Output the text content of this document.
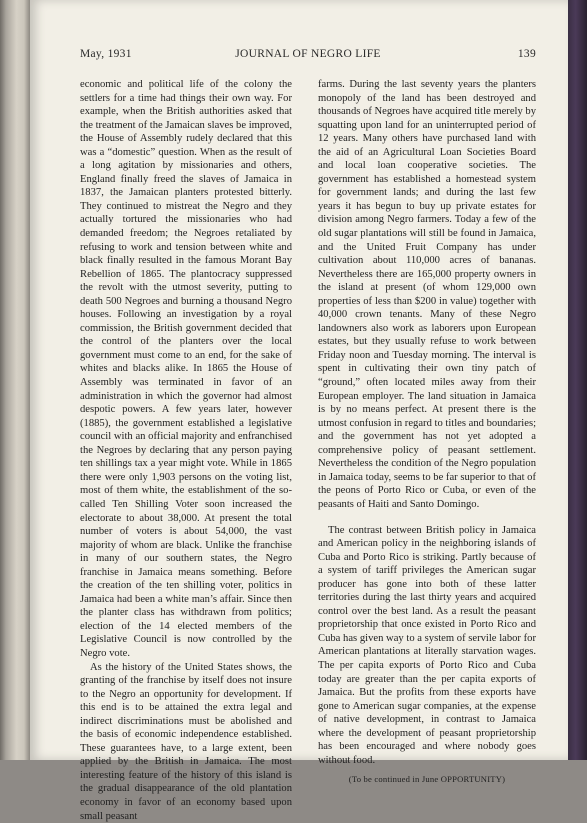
May, 1931	JOURNAL OF NEGRO LIFE	139

economic and political life of the colony the settlers for a time had things their own way. For example, when the British authorities asked that the treatment of the Jamaican slaves be improved, the House of Assembly rudely declared that this was a “domestic” question. When as the result of a long agitation by missionaries and others, England finally freed the slaves of Jamaica in 1837, the Jamaican planters protested bitterly. They continued to mistreat the Negro and they actually tortured the missionaries who had demanded freedom; the Negroes retaliated by refusing to work and tension between white and black finally resulted in the famous Morant Bay Rebellion of 1865. The plantocracy suppressed the revolt with the utmost severity, putting to death 500 Negroes and burning a thousand Negro houses. Following an investigation by a royal commission, the British government decided that the control of the planters over the local government must come to an end, for the sake of whites and blacks alike. In 1865 the House of Assembly was terminated in favor of an administration in which the governor had almost despotic powers. A few years later, however (1885), the government established a legislative council with an official majority and enfranchised the Negroes by declaring that any person paying ten shillings tax a year might vote. While in 1865 there were only 1,903 persons on the voting list, most of them white, the establishment of the so-called Ten Shilling Voter soon increased the electorate to about 38,000. At present the total number of voters is about 54,000, the vast majority of whom are black. Unlike the franchise in many of our southern states, the Negro franchise in Jamaica means something. Before the creation of the ten shilling voter, politics in Jamaica had been a white man’s affair. Since then the planter class has withdrawn from politics; election of the 14 elected members of the Legislative Council is now controlled by the Negro vote.

As the history of the United States shows, the granting of the franchise by itself does not insure to the Negro an opportunity for development. If this end is to be attained the extra legal and indirect discriminations must be abolished and the basis of economic independence established. These guarantees have, to a large extent, been applied by the British in Jamaica. The most interesting feature of the history of this island is the gradual disappearance of the old plantation economy in favor of an economy based upon small peasant

farms. During the last seventy years the planters monopoly of the land has been destroyed and thousands of Negroes have acquired title merely by squatting upon land for an uninterrupted period of 12 years. Many others have purchased land with the aid of an Agricultural Loan Societies Board and local loan cooperative societies. The government has established a homestead system for government lands; and during the last few years it has begun to buy up private estates for division among Negro farmers. Today a few of the old sugar plantations will still be found in Jamaica, and the United Fruit Company has under cultivation about 110,000 acres of bananas. Nevertheless there are 165,000 property owners in the island at present (of whom 129,000 own properties of less than $200 in value) together with 40,000 crown tenants. Many of these Negro landowners also work as laborers upon European estates, but they usually refuse to work between Friday noon and Tuesday morning. The interval is spent in cultivating their own tiny patch of “ground,” often located miles away from their European employer. The land situation in Jamaica is by no means perfect. At present there is the utmost confusion in regard to titles and boundaries; and the government has not yet adopted a comprehensive policy of peasant settlement. Nevertheless the condition of the Negro population in Jamaica today, seems to be far superior to that of the peons of Porto Rico or Cuba, or even of the peasants of Haiti and Santo Domingo.

The contrast between British policy in Jamaica and American policy in the neighboring islands of Cuba and Porto Rico is striking. Partly because of a system of tariff privileges the American sugar producer has gone into both of these latter territories during the last thirty years and acquired control over the best land. As a result the peasant proprietorship that once existed in Porto Rico and Cuba has given way to a system of servile labor for American plantations at literally starvation wages. The per capita exports of Porto Rico and Cuba today are greater than the per capita exports of Jamaica. But the profits from these exports have gone to American sugar companies, at the expense of native development, in contrast to Jamaica where the development of peasant proprietorship has been encouraged and where nobody goes without food.

(To be continued in June OPPORTUNITY)
